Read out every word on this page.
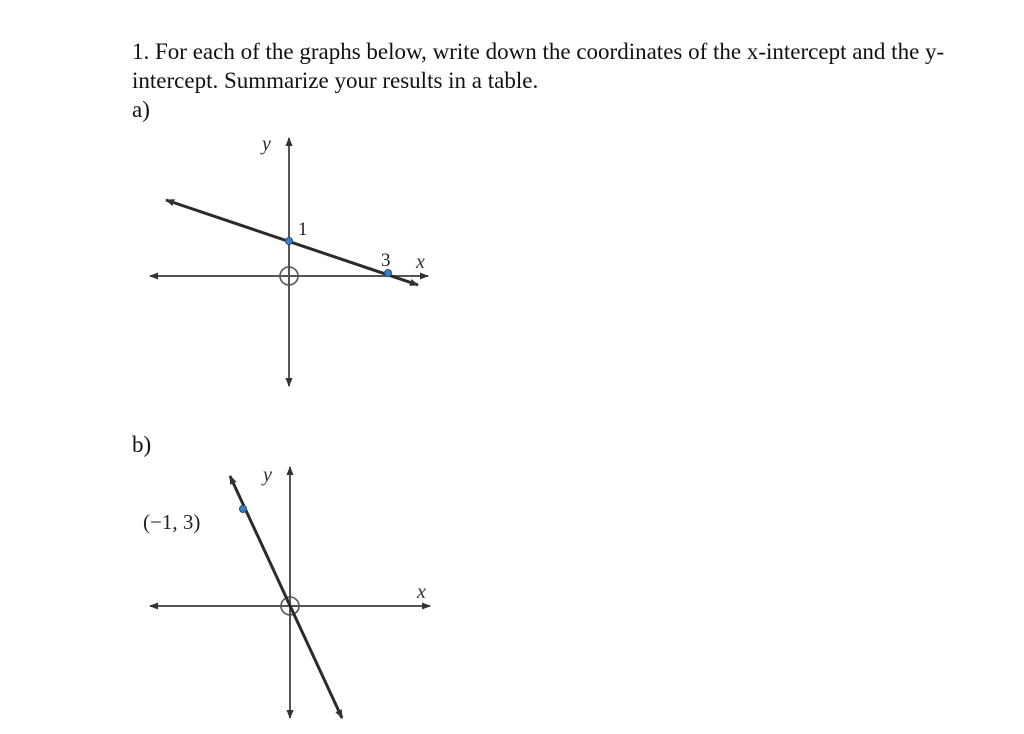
1. For each of the graphs below, write down the coordinates of the x-intercept and the y-intercept. Summarize your results in a table.

a)
y
x
1
3
y
x
(−1, 3)
b)
